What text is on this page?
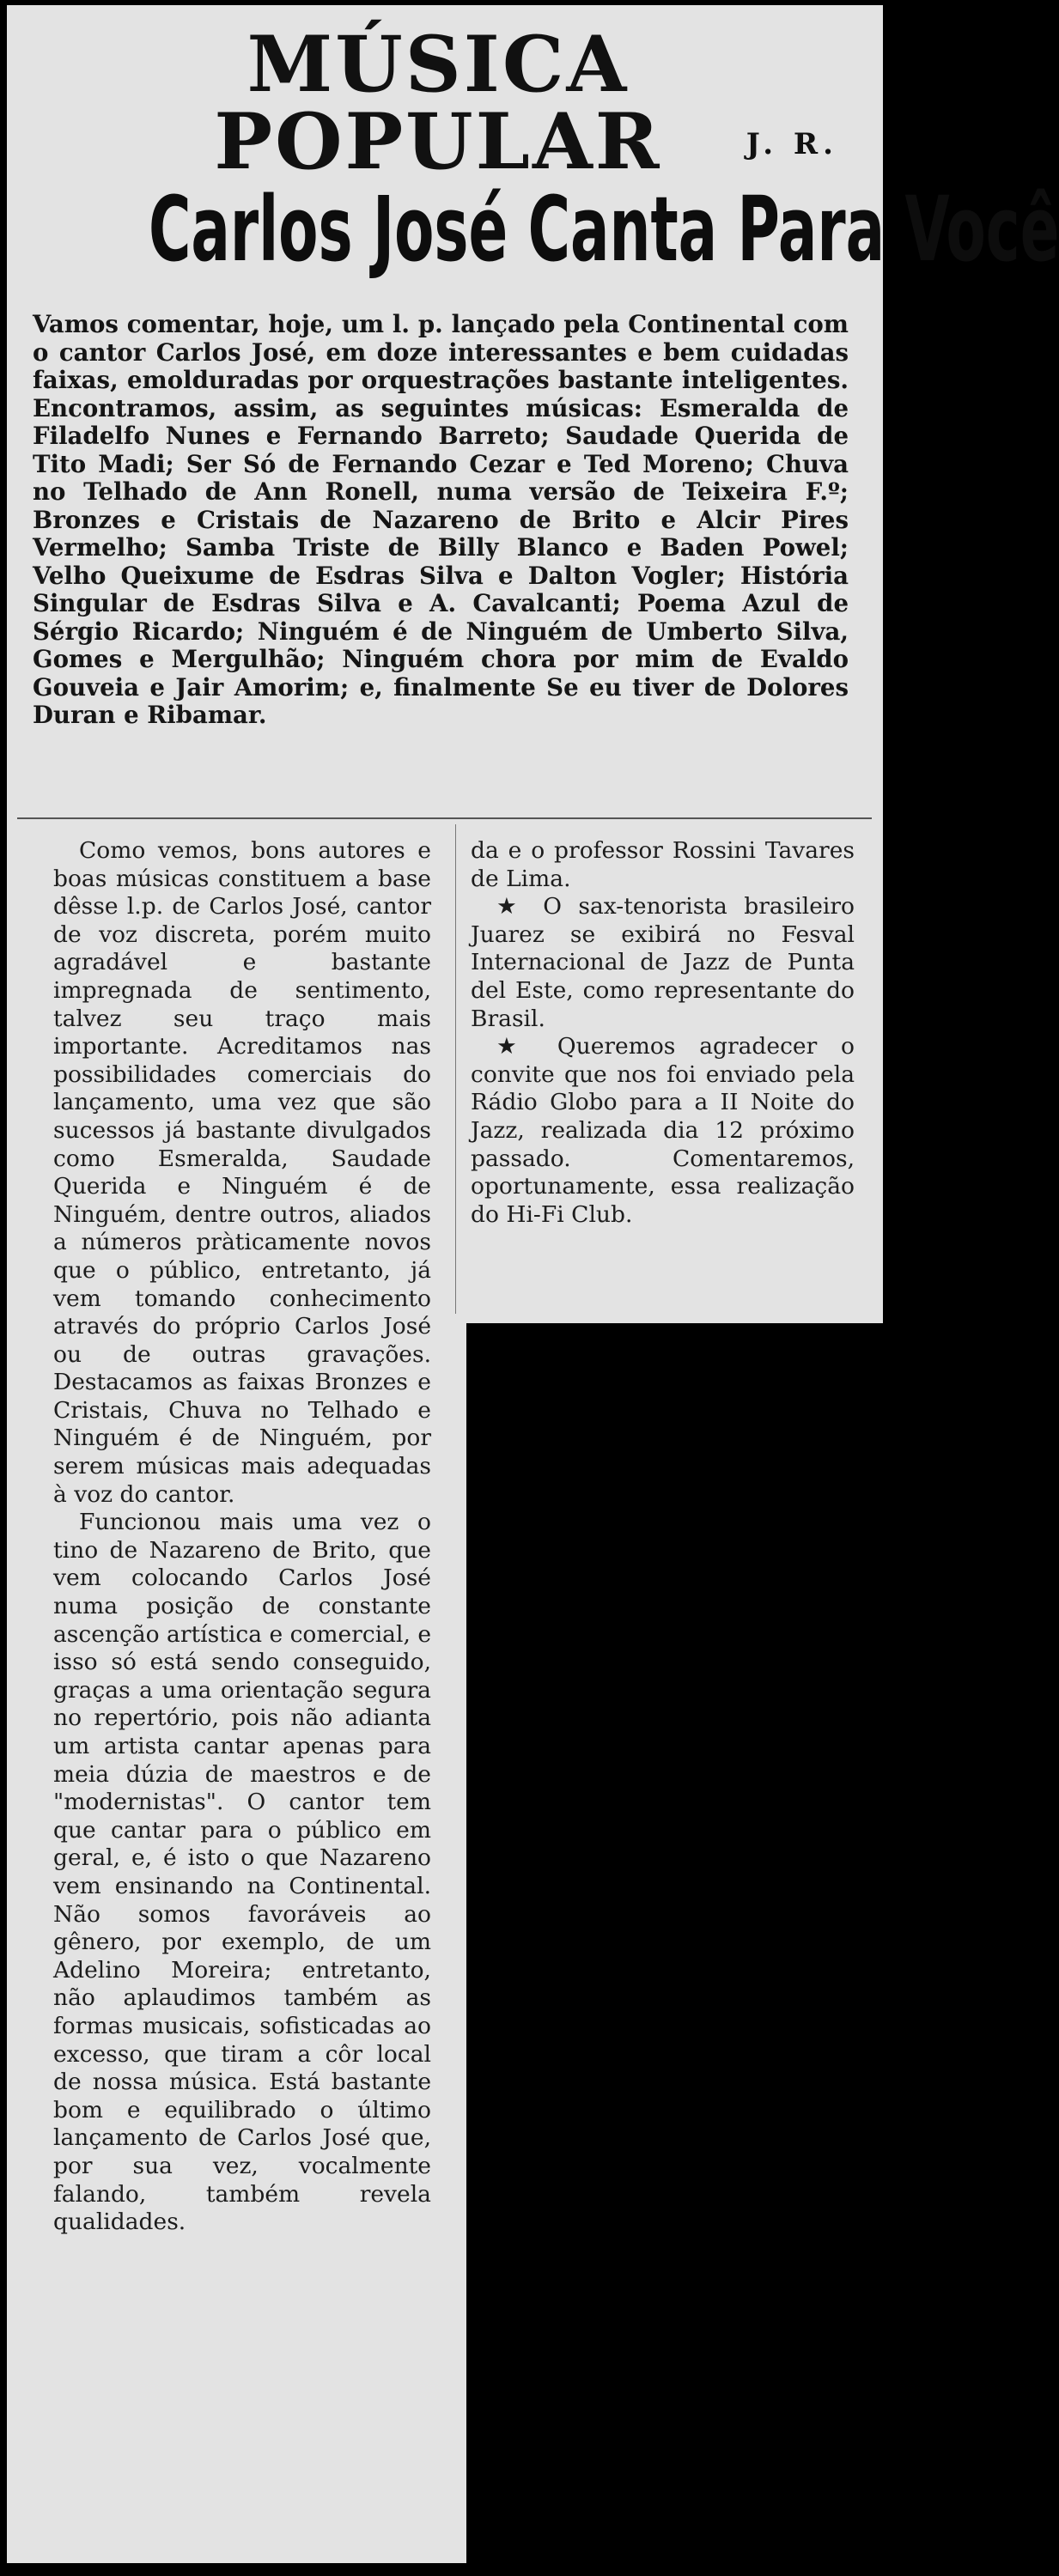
MÚSICA POPULAR	J. R.
Carlos José Canta Para Você
Vamos comentar, hoje, um l. p. lançado pela Continental com o cantor Carlos José, em doze interessantes e bem cuidadas faixas, emolduradas por orquestrações bastante inteligentes. Encontramos, assim, as seguintes músicas: Esmeralda de Filadelfo Nunes e Fernando Barreto; Saudade Querida de Tito Madi; Ser Só de Fernando Cezar e Ted Moreno; Chuva no Telhado de Ann Ronell, numa versão de Teixeira F.º; Bronzes e Cristais de Nazareno de Brito e Alcir Pires Vermelho; Samba Triste de Billy Blanco e Baden Powel; Velho Queixume de Esdras Silva e Dalton Vogler; História Singular de Esdras Silva e A. Cavalcanti; Poema Azul de Sérgio Ricardo; Ninguém é de Ninguém de Umberto Silva, Gomes e Mergulhão; Ninguém chora por mim de Evaldo Gouveia e Jair Amorim; e, finalmente Se eu tiver de Dolores Duran e Ribamar.

Como vemos, bons autores e boas músicas constituem a base dêsse l.p. de Carlos José, cantor de voz discreta, porém muito agradável e bastante impregnada de sentimento, talvez seu traço mais importante. Acreditamos nas possibilidades comerciais do lançamento, uma vez que são sucessos já bastante divulgados como Esmeralda, Saudade Querida e Ninguém é de Ninguém, dentre outros, aliados a números pràticamente novos que o público, entretanto, já vem tomando conhecimento através do próprio Carlos José ou de outras gravações. Destacamos as faixas Bronzes e Cristais, Chuva no Telhado e Ninguém é de Ninguém, por serem músicas mais adequadas à voz do cantor.

Funcionou mais uma vez o tino de Nazareno de Brito, que vem colocando Carlos José numa posição de constante ascenção artística e comercial, e isso só está sendo conseguido, graças a uma orientação segura no repertório, pois não adianta um artista cantar apenas para meia dúzia de maestros e de "modernistas". O cantor tem que cantar para o público em geral, e, é isto o que Nazareno vem ensinando na Continental. Não somos favoráveis ao gênero, por exemplo, de um Adelino Moreira; entretanto, não aplaudimos também as formas musicais, sofisticadas ao excesso, que tiram a côr local de nossa música. Está bastante bom e equilibrado o último lançamento de Carlos José que, por sua vez, vocalmente falando, também revela qualidades.

da e o professor Rossini Tavares de Lima.

★ O sax-tenorista brasileiro Juarez se exibirá no Fesval Internacional de Jazz de Punta del Este, como representante do Brasil.

★ Queremos agradecer o convite que nos foi enviado pela Rádio Globo para a II Noite do Jazz, realizada dia 12 próximo passado. Comentaremos, oportunamente, essa realização do Hi-Fi Club.
